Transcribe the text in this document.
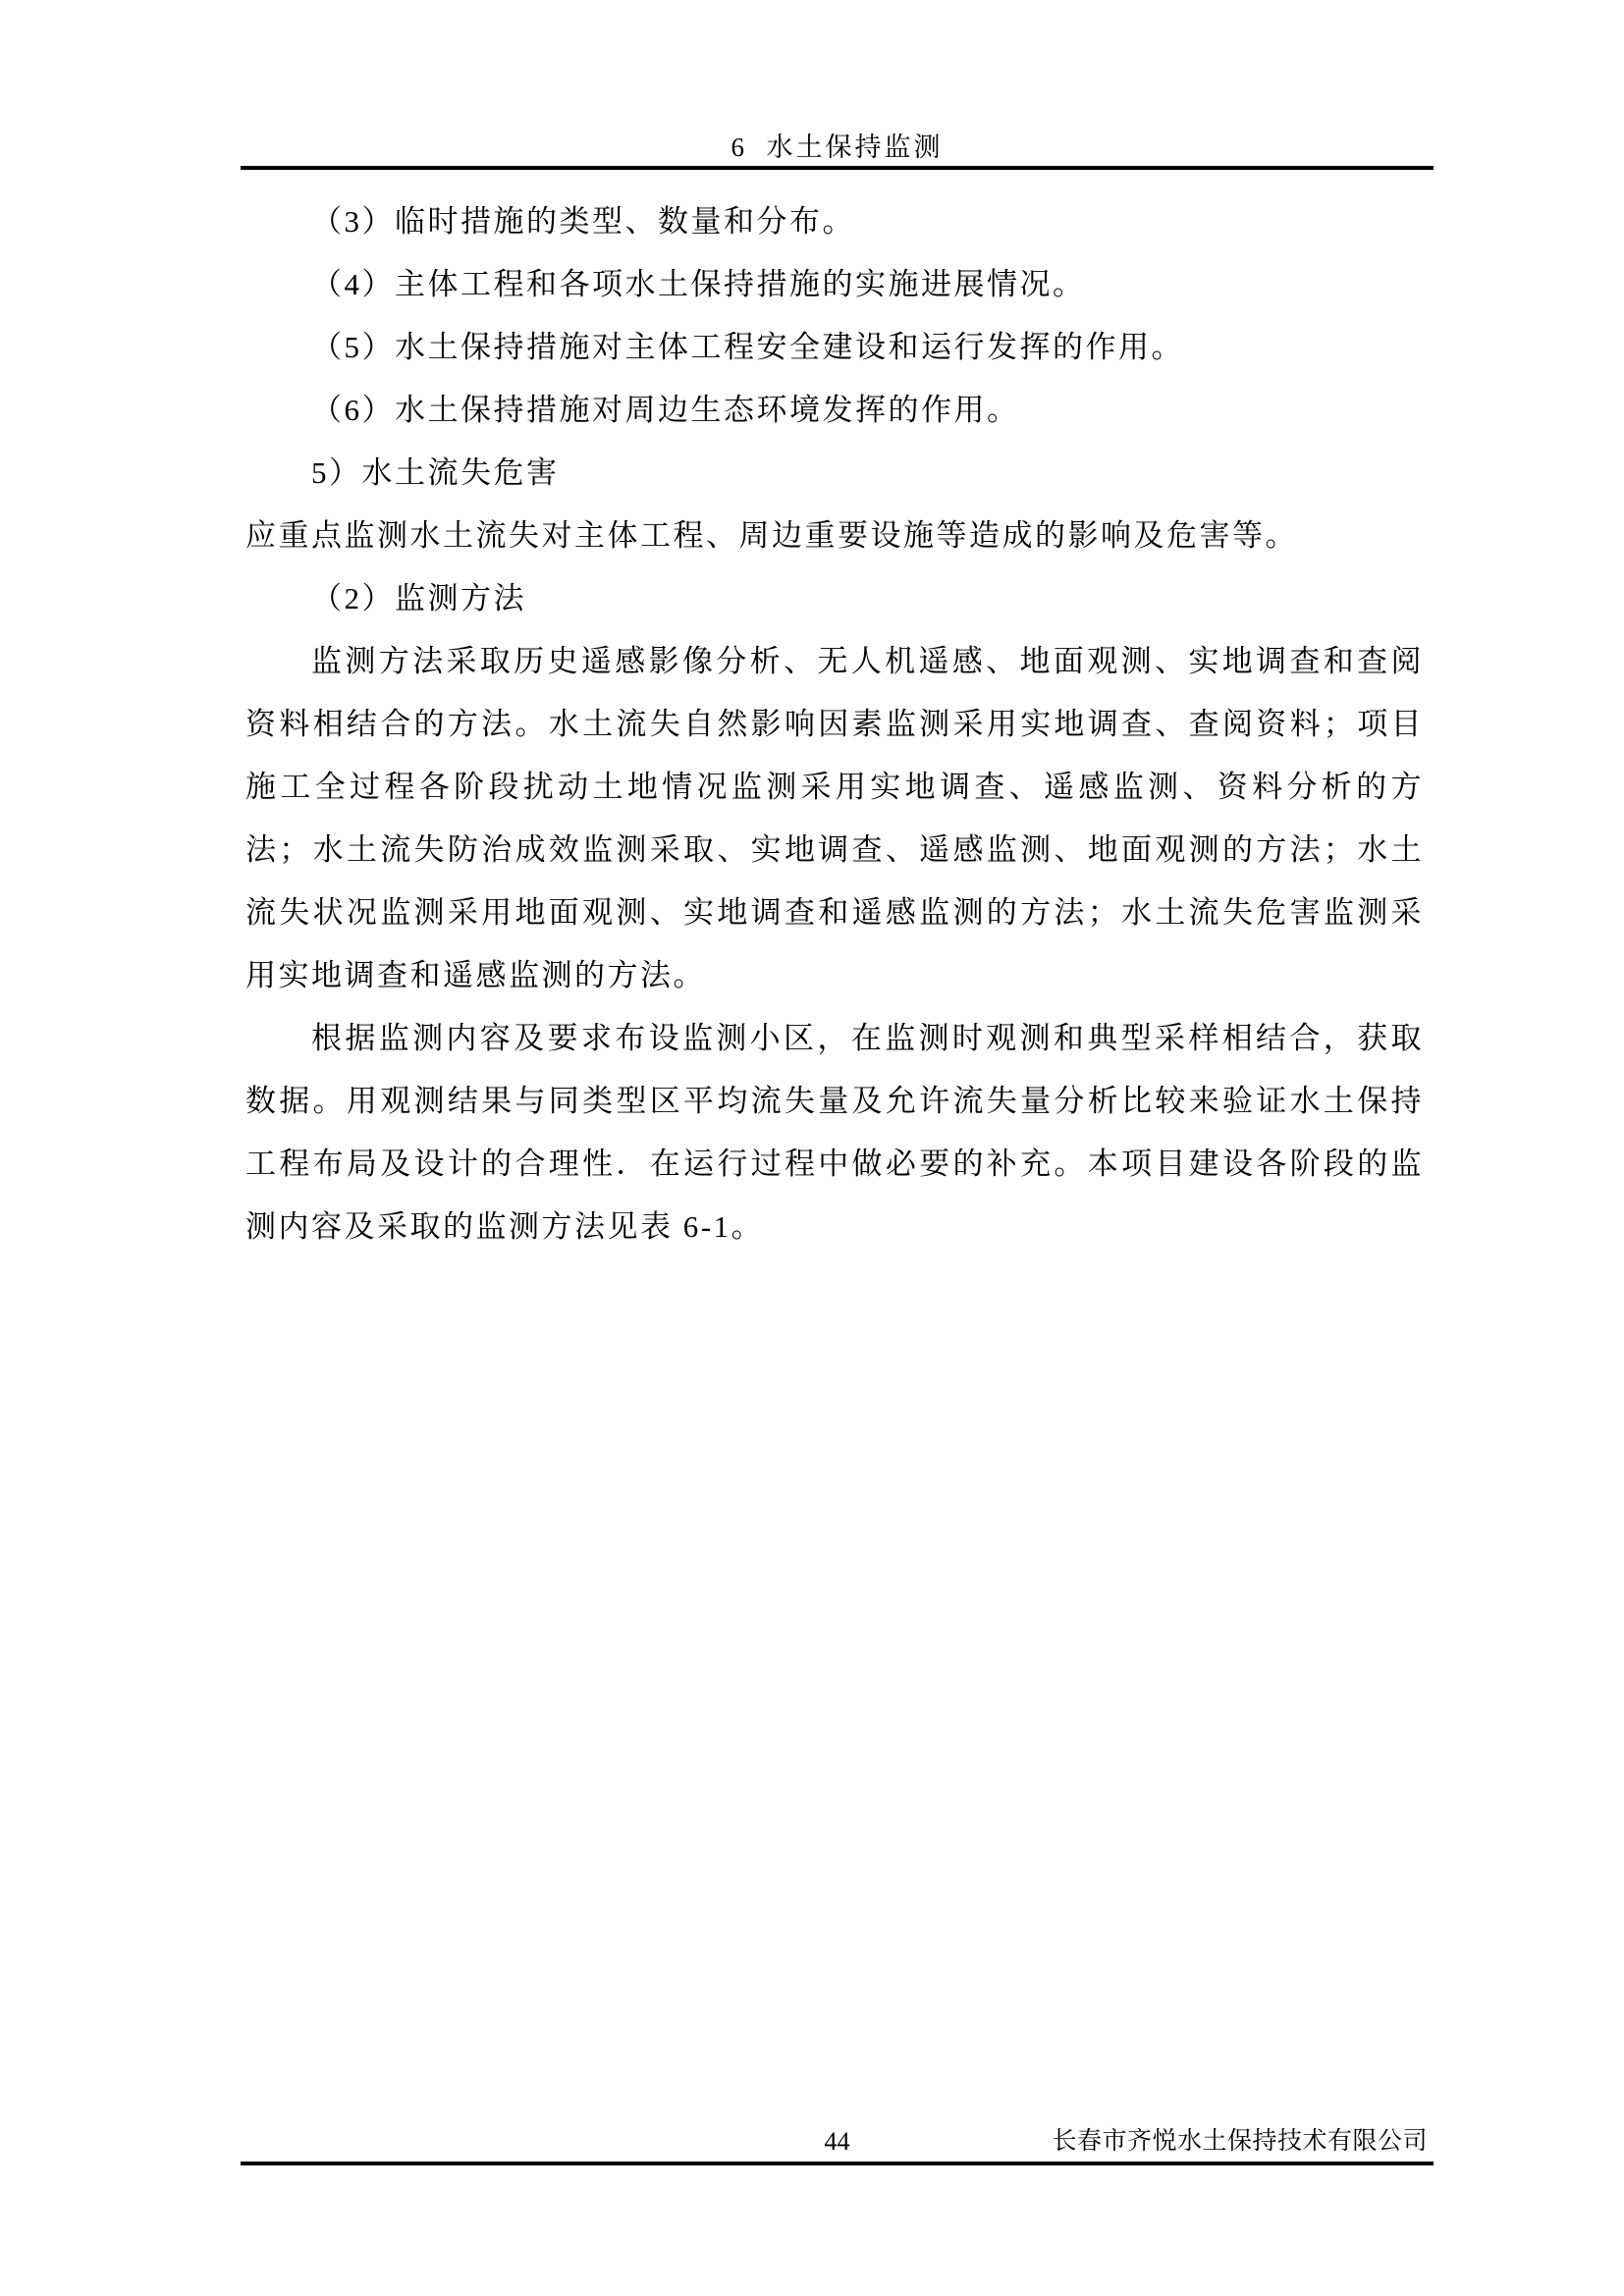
6  水土保持监测

（3）临时措施的类型、数量和分布。

（4）主体工程和各项水土保持措施的实施进展情况。

（5）水土保持措施对主体工程安全建设和运行发挥的作用。

（6）水土保持措施对周边生态环境发挥的作用。

5）水土流失危害

应重点监测水土流失对主体工程、周边重要设施等造成的影响及危害等。

（2）监测方法

监测方法采取历史遥感影像分析、无人机遥感、地面观测、实地调查和查阅资料相结合的方法。水土流失自然影响因素监测采用实地调查、查阅资料；项目施工全过程各阶段扰动土地情况监测采用实地调查、遥感监测、资料分析的方法；水土流失防治成效监测采取、实地调查、遥感监测、地面观测的方法；水土流失状况监测采用地面观测、实地调查和遥感监测的方法；水土流失危害监测采用实地调查和遥感监测的方法。

根据监测内容及要求布设监测小区，在监测时观测和典型采样相结合，获取数据。用观测结果与同类型区平均流失量及允许流失量分析比较来验证水土保持工程布局及设计的合理性．在运行过程中做必要的补充。本项目建设各阶段的监测内容及采取的监测方法见表 6-1。

44	长春市齐悦水土保持技术有限公司
